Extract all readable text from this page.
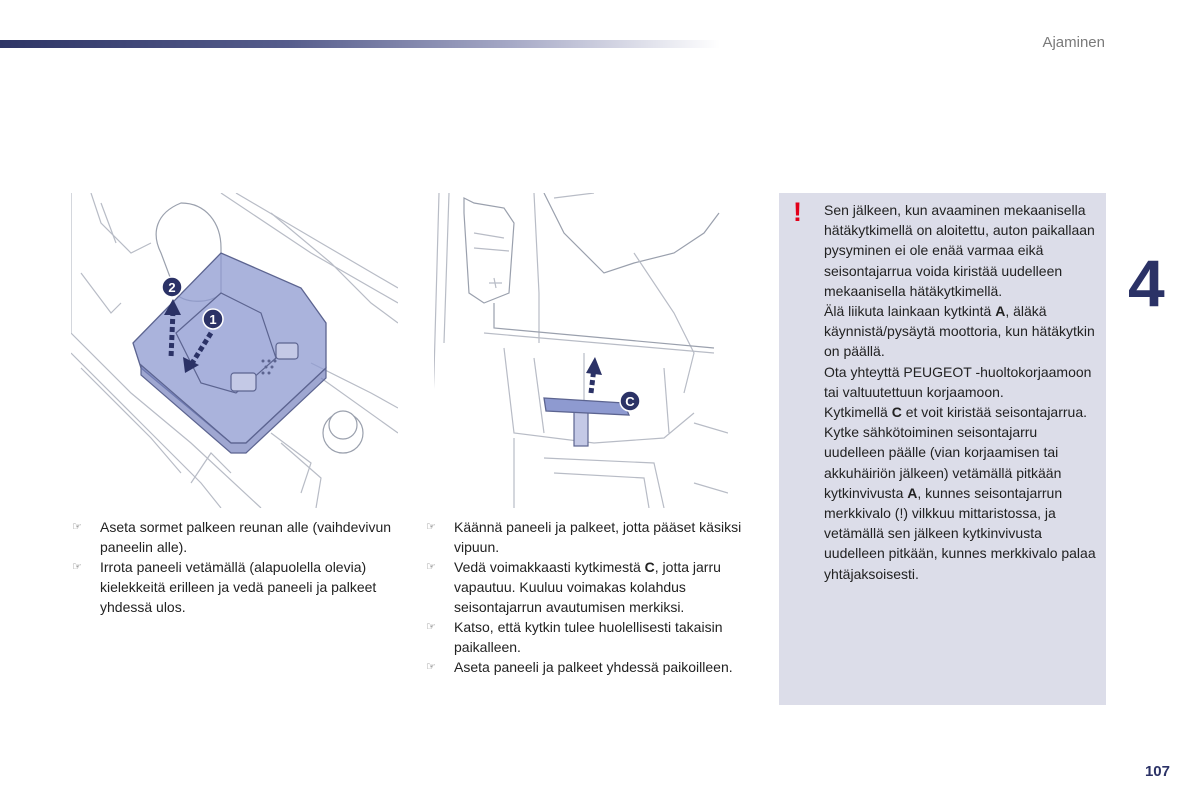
Ajaminen
4
2
1
C
☞ Aseta sormet palkeen reunan alle (vaihdevivun paneelin alle).
☞ Irrota paneeli vetämällä (alapuolella olevia) kielekkeitä erilleen ja vedä paneeli ja palkeet yhdessä ulos.
☞ Käännä paneeli ja palkeet, jotta pääset käsiksi vipuun.
☞ Vedä voimakkaasti kytkimestä C, jotta jarru vapautuu. Kuuluu voimakas kolahdus seisontajarrun avautumisen merkiksi.
☞ Katso, että kytkin tulee huolellisesti takaisin paikalleen.
☞ Aseta paneeli ja palkeet yhdessä paikoilleen.
! Sen jälkeen, kun avaaminen mekaanisella hätäkytkimellä on aloitettu, auton paikallaan pysyminen ei ole enää varmaa eikä seisontajarrua voida kiristää uudelleen mekaanisella hätäkytkimellä.

Älä liikuta lainkaan kytkintä A, äläkä käynnistä/pysäytä moottoria, kun hätäkytkin on päällä.

Ota yhteyttä PEUGEOT -huoltokorjaamoon tai valtuutettuun korjaamoon.

Kytkimellä C et voit kiristää seisontajarrua.

Kytke sähkötoiminen seisontajarru uudelleen päälle (vian korjaamisen tai akkuhäiriön jälkeen) vetämällä pitkään kytkinvivusta A, kunnes seisontajarrun merkkivalo (!) vilkkuu mittaristossa, ja vetämällä sen jälkeen kytkinvivusta uudelleen pitkään, kunnes merkkivalo palaa yhtäjaksoisesti.

107
